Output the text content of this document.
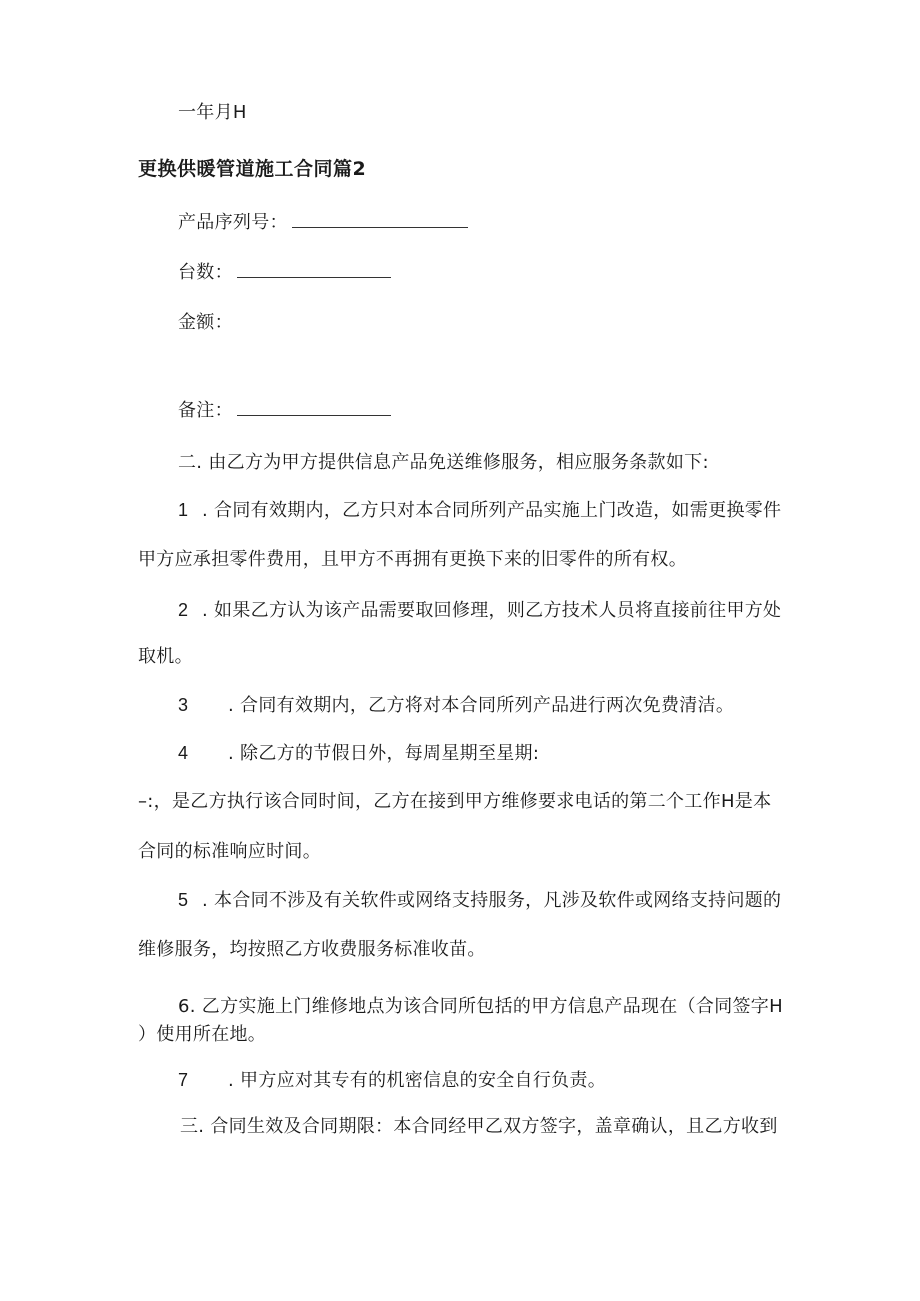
一年月H
更换供暖管道施工合同篇2
产品序列号：
台数：
金额：
备注：
二. 由乙方为甲方提供信息产品免送维修服务，相应服务条款如下:
1 . 合同有效期内，乙方只对本合同所列产品实施上门改造，如需更换零件
甲方应承担零件费用，且甲方不再拥有更换下来的旧零件的所有权。
2 . 如果乙方认为该产品需要取回修理，则乙方技术人员将直接前往甲方处
取机。
3 . 合同有效期内，乙方将对本合同所列产品进行两次免费清洁。
4 . 除乙方的节假日外，每周星期至星期:
–:，是乙方执行该合同时间，乙方在接到甲方维修要求电话的第二个工作H是本
合同的标准响应时间。
5 . 本合同不涉及有关软件或网络支持服务，凡涉及软件或网络支持问题的
维修服务，均按照乙方收费服务标准收苗。
6. 乙方实施上门维修地点为该合同所包括的甲方信息产品现在（合同签字H
）使用所在地。
7 . 甲方应对其专有的机密信息的安全自行负责。
三. 合同生效及合同期限：本合同经甲乙双方签字，盖章确认，且乙方收到
